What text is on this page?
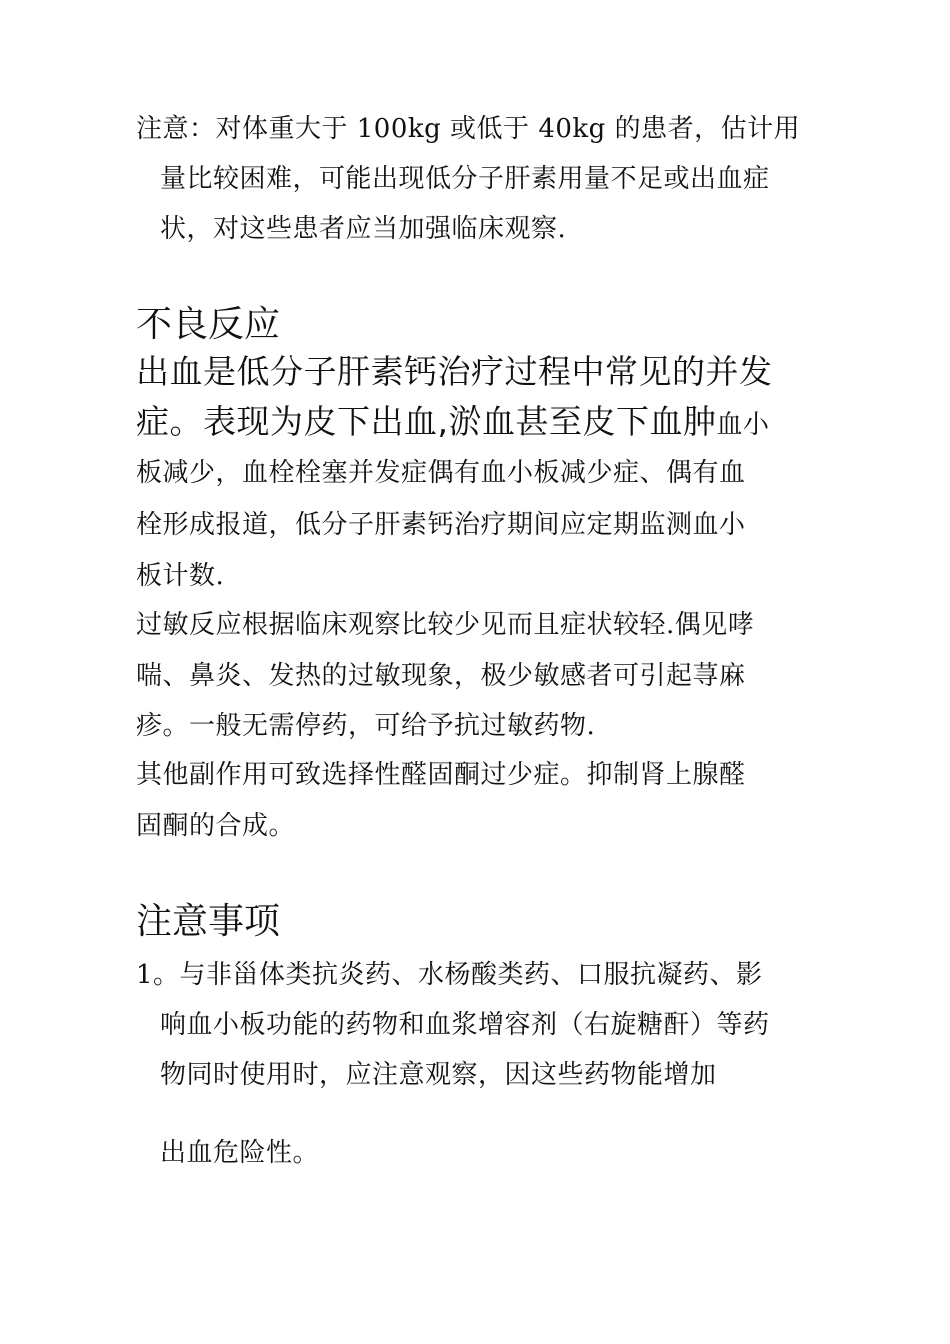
注意：对体重大于 100kg 或低于 40kg 的患者，估计用
量比较困难，可能出现低分子肝素用量不足或出血症
状，对这些患者应当加强临床观察.
不良反应
出血是低分子肝素钙治疗过程中常见的并发
症。表现为皮下出血,淤血甚至皮下血肿血小
板减少，血栓栓塞并发症偶有血小板减少症、偶有血
栓形成报道，低分子肝素钙治疗期间应定期监测血小
板计数.
过敏反应根据临床观察比较少见而且症状较轻.偶见哮
喘、鼻炎、发热的过敏现象，极少敏感者可引起荨麻
疹。一般无需停药，可给予抗过敏药物.
其他副作用可致选择性醛固酮过少症。抑制肾上腺醛
固酮的合成。
注意事项
1。与非甾体类抗炎药、水杨酸类药、口服抗凝药、影
响血小板功能的药物和血浆增容剂（右旋糖酐）等药
物同时使用时，应注意观察，因这些药物能增加
出血危险性。
